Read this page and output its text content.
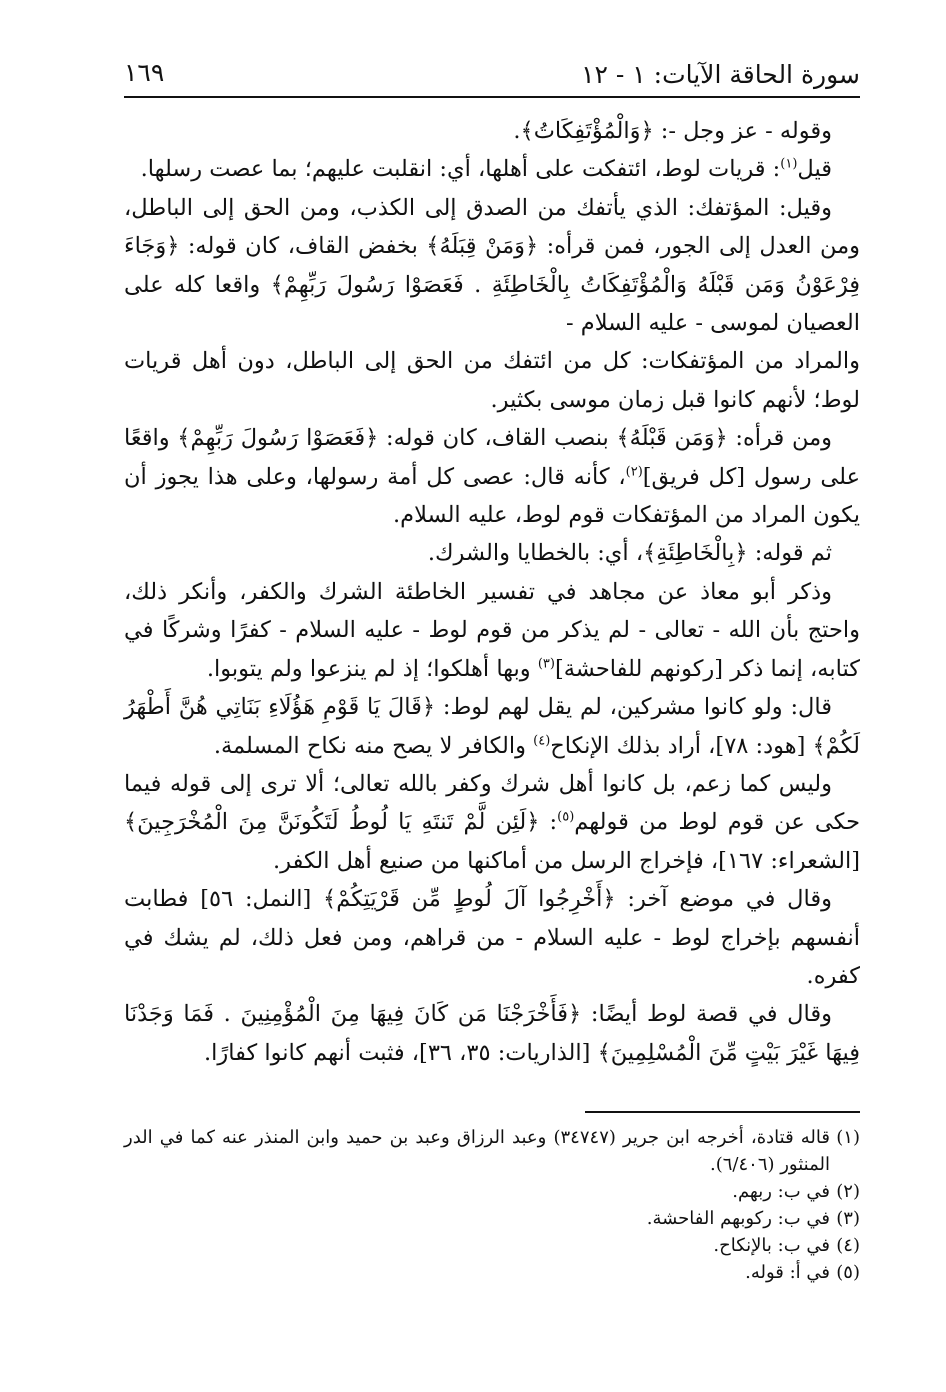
سورة الحاقة الآيات: ١ - ١٢
١٦٩

وقوله - عز وجل -: ﴿وَالْمُؤْتَفِكَاتُ﴾.

قيل$^{(١)}$: قريات لوط، ائتفكت على أهلها، أي: انقلبت عليهم؛ بما عصت رسلها.

وقيل: المؤتفك: الذي يأتفك من الصدق إلى الكذب، ومن الحق إلى الباطل، ومن العدل إلى الجور، فمن قرأه: ﴿وَمَنْ قِبَلَهُ﴾ بخفض القاف، كان قوله: ﴿وَجَاءَ فِرْعَوْنُ وَمَن قَبْلَهُ وَالْمُؤْتَفِكَاتُ بِالْخَاطِئَةِ . فَعَصَوْا رَسُولَ رَبِّهِمْ﴾ واقعا كله على العصيان لموسى - عليه السلام -

والمراد من المؤتفكات: كل من ائتفك من الحق إلى الباطل، دون أهل قريات لوط؛ لأنهم كانوا قبل زمان موسى بكثير.

ومن قرأه: ﴿وَمَن قَبْلَهُ﴾ بنصب القاف، كان قوله: ﴿فَعَصَوْا رَسُولَ رَبِّهِمْ﴾ واقعًا على رسول [كل فريق]$^{(٢)}$، كأنه قال: عصى كل أمة رسولها، وعلى هذا يجوز أن يكون المراد من المؤتفكات قوم لوط، عليه السلام.

ثم قوله: ﴿بِالْخَاطِئَةِ﴾، أي: بالخطايا والشرك.

وذكر أبو معاذ عن مجاهد في تفسير الخاطئة الشرك والكفر، وأنكر ذلك، واحتج بأن الله - تعالى - لم يذكر من قوم لوط - عليه السلام - كفرًا وشركًا في كتابه، إنما ذكر [ركونهم للفاحشة]$^{(٣)}$ وبها أهلكوا؛ إذ لم ينزعوا ولم يتوبوا.

قال: ولو كانوا مشركين، لم يقل لهم لوط: ﴿قَالَ يَا قَوْمِ هَؤُلَاءِ بَنَاتِي هُنَّ أَطْهَرُ لَكُمْ﴾ [هود: ٧٨]، أراد بذلك الإنكاح$^{(٤)}$ والكافر لا يصح منه نكاح المسلمة.

وليس كما زعم، بل كانوا أهل شرك وكفر بالله تعالى؛ ألا ترى إلى قوله فيما حكى عن قوم لوط من قولهم$^{(٥)}$: ﴿لَئِن لَّمْ تَنتَهِ يَا لُوطُ لَتَكُونَنَّ مِنَ الْمُخْرَجِينَ﴾ [الشعراء: ١٦٧]، فإخراج الرسل من أماكنها من صنيع أهل الكفر.

وقال في موضع آخر: ﴿أَخْرِجُوا آلَ لُوطٍ مِّن قَرْيَتِكُمْ﴾ [النمل: ٥٦] فطابت أنفسهم بإخراج لوط - عليه السلام - من قراهم، ومن فعل ذلك، لم يشك في كفره.

وقال في قصة لوط أيضًا: ﴿فَأَخْرَجْنَا مَن كَانَ فِيهَا مِنَ الْمُؤْمِنِينَ . فَمَا وَجَدْنَا فِيهَا غَيْرَ بَيْتٍ مِّنَ الْمُسْلِمِينَ﴾ [الذاريات: ٣٥، ٣٦]، فثبت أنهم كانوا كفارًا.

(١)
قاله قتادة، أخرجه ابن جرير (٣٤٧٤٧) وعبد الرزاق وعبد بن حميد وابن المنذر عنه كما في الدر المنثور (٦/٤٠٦).

(٢)
في ب: ربهم.

(٣)
في ب: ركوبهم الفاحشة.

(٤)
في ب: بالإنكاح.

(٥)
في أ: قوله.
